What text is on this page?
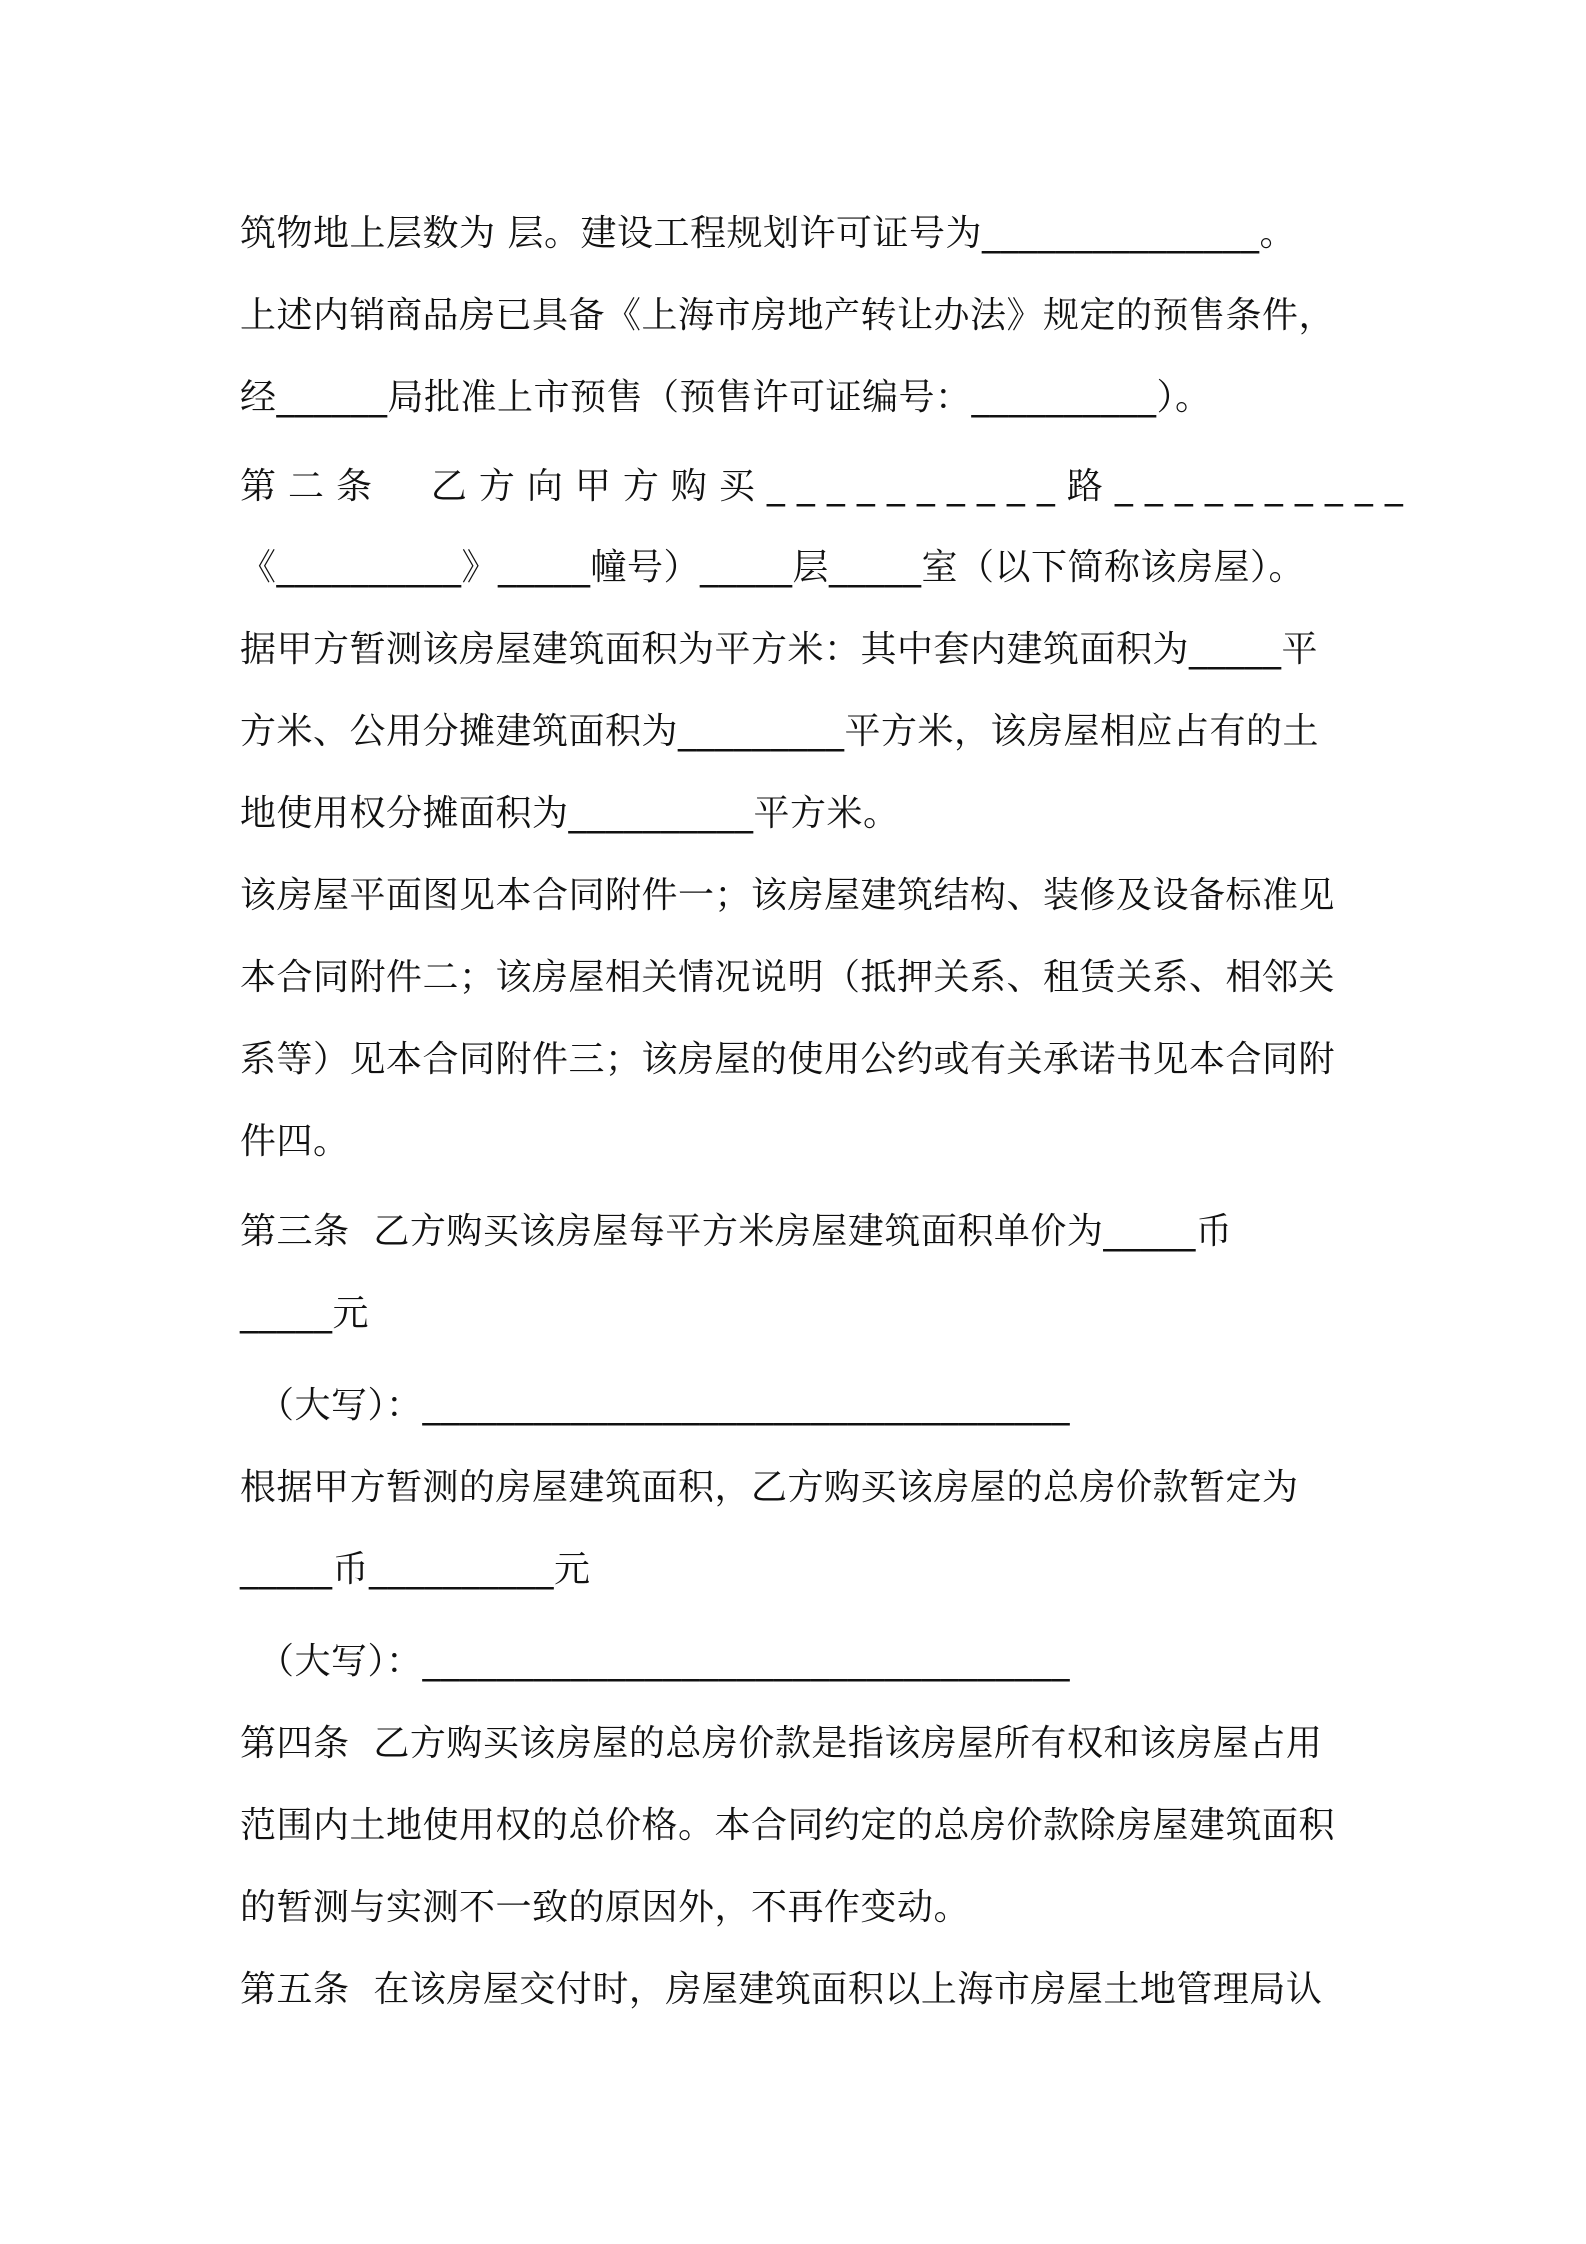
筑物地上层数为 层。建设工程规划许可证号为_______________。
上述内销商品房已具备《上海市房地产转让办法》规定的预售条件，
经______局批准上市预售（预售许可证编号：__________）。
第二条  乙方向甲方购买__________路__________
《__________》_____幢号）_____层_____室（以下简称该房屋）。
据甲方暂测该房屋建筑面积为平方米：其中套内建筑面积为_____平
方米、公用分摊建筑面积为_________平方米，该房屋相应占有的土
地使用权分摊面积为__________平方米。
该房屋平面图见本合同附件一；该房屋建筑结构、装修及设备标准见
本合同附件二；该房屋相关情况说明（抵押关系、租赁关系、相邻关
系等）见本合同附件三；该房屋的使用公约或有关承诺书见本合同附
件四。
第三条  乙方购买该房屋每平方米房屋建筑面积单价为_____币
_____元
（大写）：___________________________________
根据甲方暂测的房屋建筑面积，乙方购买该房屋的总房价款暂定为
_____币__________元
（大写）：___________________________________
第四条  乙方购买该房屋的总房价款是指该房屋所有权和该房屋占用
范围内土地使用权的总价格。本合同约定的总房价款除房屋建筑面积
的暂测与实测不一致的原因外，不再作变动。
第五条  在该房屋交付时，房屋建筑面积以上海市房屋土地管理局认
